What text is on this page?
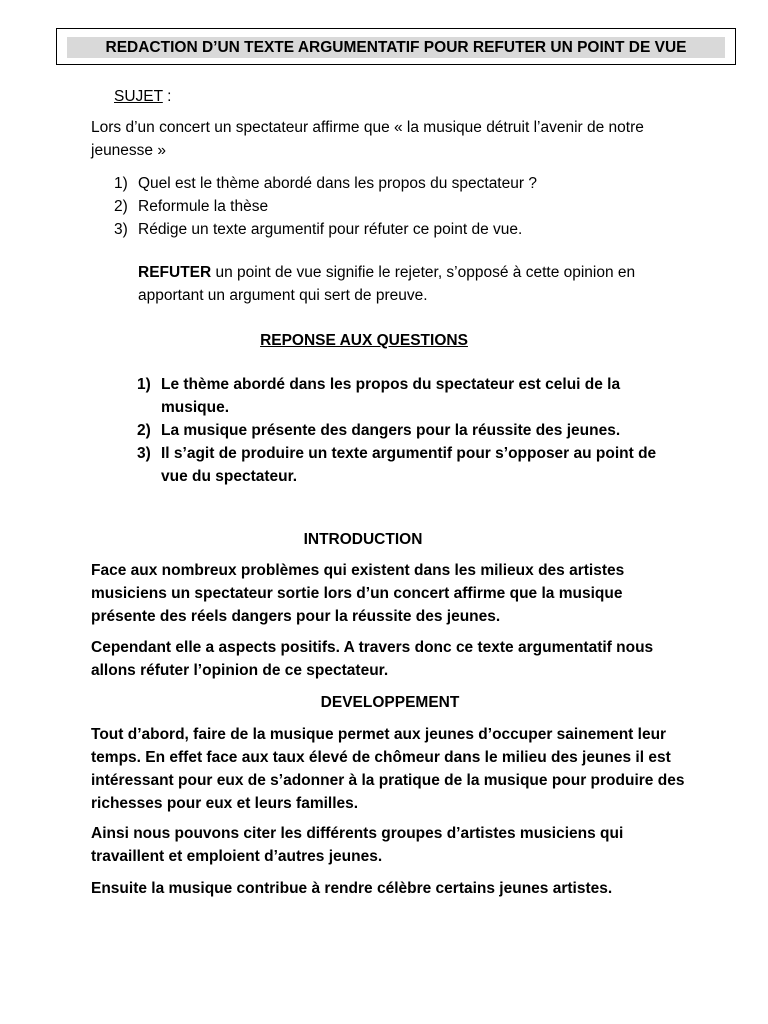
REDACTION D’UN TEXTE ARGUMENTATIF POUR REFUTER UN POINT DE VUE

SUJET :

Lors d’un concert un spectateur affirme que « la musique détruit l’avenir de notre jeunesse »

1) Quel est le thème abordé dans les propos du spectateur ?
2) Reformule la thèse
3) Rédige un texte argumentif pour réfuter ce point de vue.

REFUTER un point de vue signifie le rejeter, s’opposé à cette opinion en apportant un argument qui sert de preuve.

REPONSE AUX QUESTIONS

1) Le thème abordé dans les propos du spectateur est celui de la musique.
2) La musique présente des dangers pour la réussite des jeunes.
3) Il s’agit de produire un texte argumentif pour s’opposer au point de vue du spectateur.

INTRODUCTION

Face aux nombreux problèmes qui existent dans les milieux des artistes musiciens un spectateur sortie lors d’un concert affirme que la musique présente des réels dangers pour la réussite des jeunes.

Cependant elle a aspects positifs. A travers donc ce texte argumentatif nous allons réfuter l’opinion de ce spectateur.

DEVELOPPEMENT

Tout d’abord, faire de la musique permet aux jeunes d’occuper sainement leur temps. En effet face aux taux élevé de chômeur dans le milieu des jeunes il est intéressant pour eux de s’adonner à la pratique de la musique pour produire des richesses pour eux et leurs familles.

Ainsi nous pouvons citer les différents groupes d’artistes musiciens qui travaillent et emploient d’autres jeunes.

Ensuite la musique contribue à rendre célèbre certains jeunes artistes.
